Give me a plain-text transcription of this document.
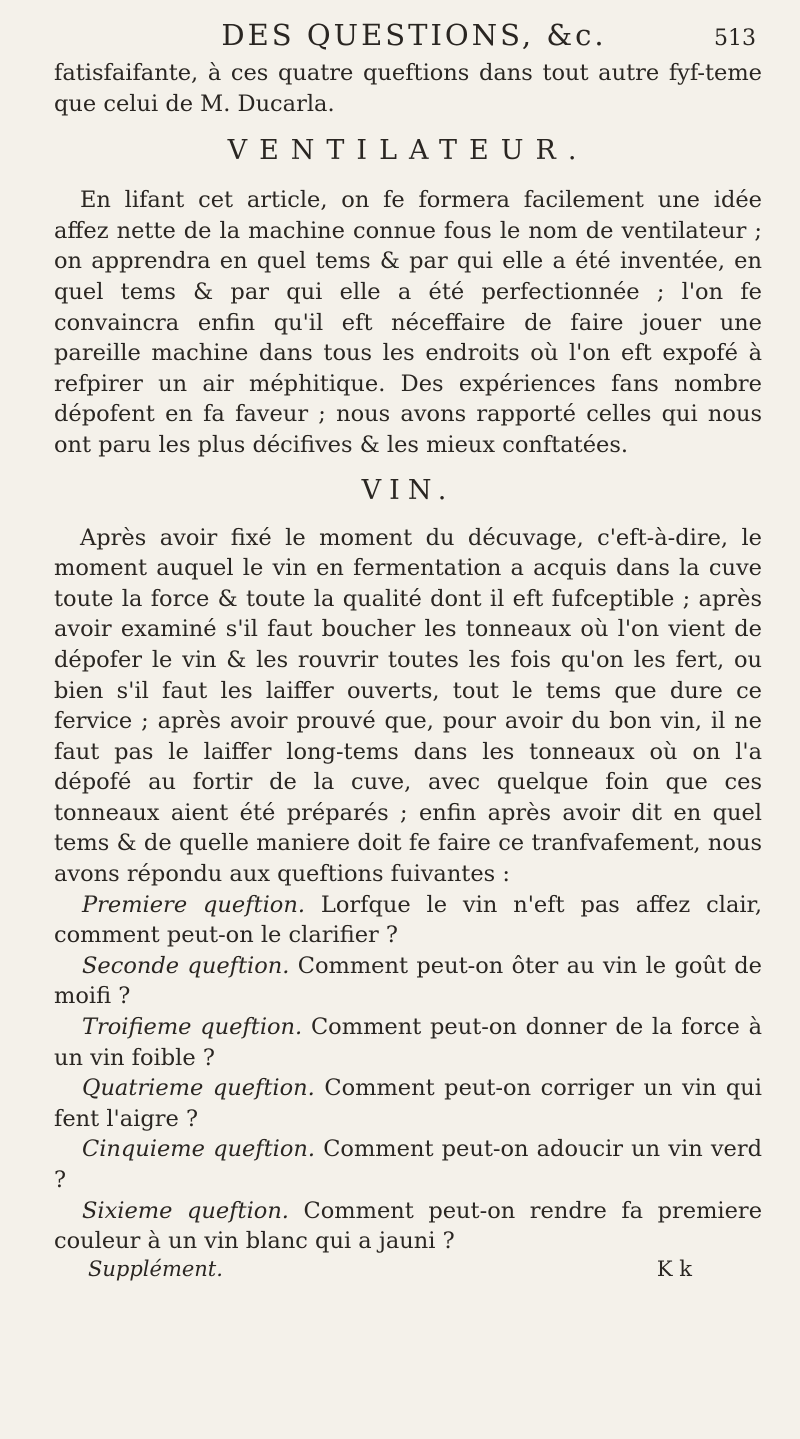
DES QUESTIONS, &c.	513

fatisfaifante, à ces quatre queftions dans tout autre fyf-teme que celui de M. Ducarla.

VENTILATEUR.

En lifant cet article, on fe formera facilement une idée affez nette de la machine connue fous le nom de ventilateur ; on apprendra en quel tems & par qui elle a été inventée, en quel tems & par qui elle a été perfectionnée ; l'on fe convaincra enfin qu'il eft néceffaire de faire jouer une pareille machine dans tous les endroits où l'on eft expofé à refpirer un air méphitique. Des expériences fans nombre dépofent en fa faveur ; nous avons rapporté celles qui nous ont paru les plus décifives & les mieux conftatées.

VIN.

Après avoir fixé le moment du décuvage, c'eft-à-dire, le moment auquel le vin en fermentation a acquis dans la cuve toute la force & toute la qualité dont il eft fufceptible ; après avoir examiné s'il faut boucher les tonneaux où l'on vient de dépofer le vin & les rouvrir toutes les fois qu'on les fert, ou bien s'il faut les laiffer ouverts, tout le tems que dure ce fervice ; après avoir prouvé que, pour avoir du bon vin, il ne faut pas le laiffer long-tems dans les tonneaux où on l'a dépofé au fortir de la cuve, avec quelque foin que ces tonneaux aient été préparés ; enfin après avoir dit en quel tems & de quelle maniere doit fe faire ce tranfvafement, nous avons répondu aux queftions fuivantes :

Premiere queftion. Lorfque le vin n'eft pas affez clair, comment peut-on le clarifier ?

Seconde queftion. Comment peut-on ôter au vin le goût de moifi ?

Troifieme queftion. Comment peut-on donner de la force à un vin foible ?

Quatrieme queftion. Comment peut-on corriger un vin qui fent l'aigre ?

Cinquieme queftion. Comment peut-on adoucir un vin verd ?

Sixieme queftion. Comment peut-on rendre fa premiere couleur à un vin blanc qui a jauni ?

Supplément.	K k
